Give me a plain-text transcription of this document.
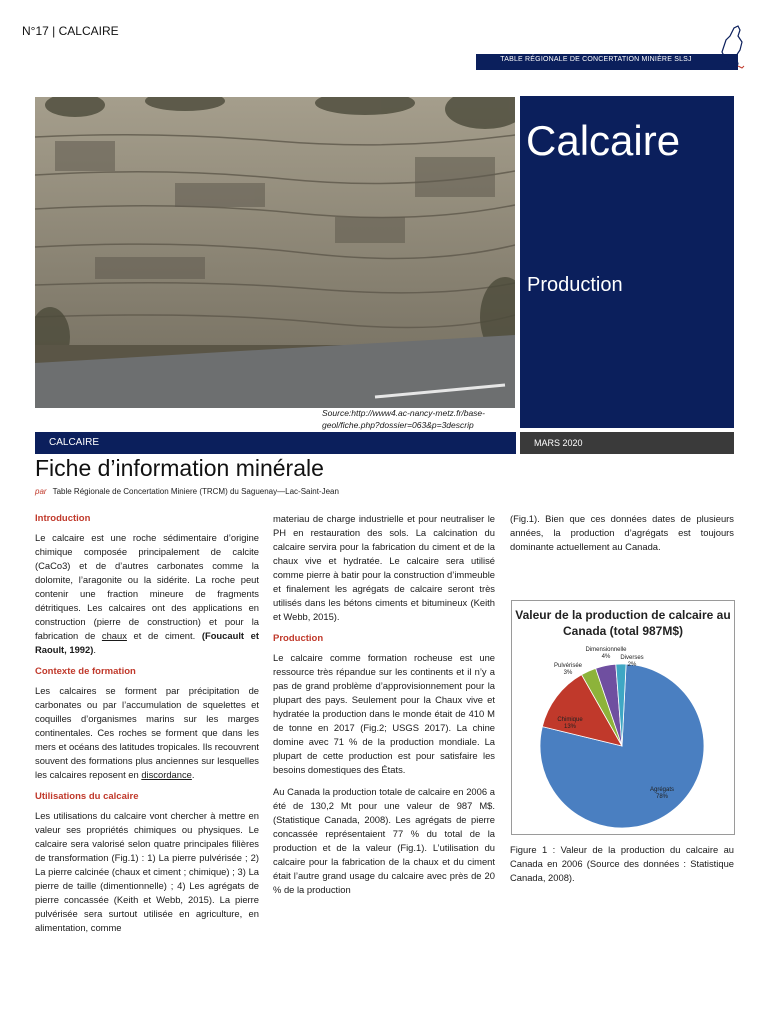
N°17 | CALCAIRE
TABLE RÉGIONALE DE CONCERTATION MINIÈRE SLSJ
Source:http://www4.ac-nancy-metz.fr/base-geol/fiche.php?dossier=063&p=3descrip
Calcaire
Production
CALCAIRE	MARS 2020
Fiche d’information minérale
par Table Régionale de Concertation Miniere (TRCM) du Saguenay—Lac-Saint-Jean
Introduction

Le calcaire est une roche sédimentaire d’origine chimique composée principalement de calcite (CaCo3) et de d’autres carbonates comme la dolomite, l’aragonite ou la sidérite. La roche peut contenir une fraction mineure de fragments détritiques. Les calcaires ont des applications en construction (pierre de construction) et pour la fabrication de chaux et de ciment. (Foucault et Raoult, 1992).

Contexte de formation

Les calcaires se forment par précipitation de carbonates ou par l’accumulation de squelettes et coquilles d’organismes marins sur les marges continentales. Ces roches se forment que dans les mers et océans des latitudes tropicales. Ils recouvrent souvent des formations plus anciennes sur lesquelles les calcaires reposent en discordance.

Utilisations du calcaire

Les utilisations du calcaire vont chercher à mettre en valeur ses propriétés chimiques ou physiques. Le calcaire sera valorisé selon quatre principales filières de transformation (Fig.1) : 1) La pierre pulvérisée ; 2) La pierre calcinée (chaux et ciment ; chimique) ; 3) La pierre de taille (dimentionnelle) ; 4) Les agrégats de pierre concassée (Keith et Webb, 2015). La pierre pulvérisée sera surtout utilisée en agriculture, en alimentation, comme

materiau de charge industrielle et pour neutraliser le PH en restauration des sols. La calcination du calcaire servira pour la fabrication du ciment et de la chaux vive et hydratée. Le calcaire sera utilisé comme pierre à batir pour la construction d’immeuble et finalement les agrégats de calcaire seront très utilisés dans les bétons ciments et bitumineux (Keith et Webb, 2015).

Production

Le calcaire comme formation rocheuse est une ressource très répandue sur les continents et il n’y a pas de grand problème d’approvisionnement pour la plupart des pays. Seulement pour la Chaux vive et hydratée la production dans le monde était de 410 M de tonne en 2017 (Fig.2; USGS 2017). La chine domine avec 71 % de la production mondiale. La plupart de cette production est pour satisfaire les besoins domestiques des États.

Au Canada la production totale de calcaire en 2006 a été de 130,2 Mt pour une valeur de 987 M$. (Statistique Canada, 2008). Les agrégats de pierre concassée représentaient 77 % du total de la production et de la valeur (Fig.1). L’utilisation du calcaire pour la fabrication de la chaux et du ciment était l’autre grand usage du calcaire avec près de 20 % de la production

(Fig.1). Bien que ces données dates de plusieurs années, la production d’agrégats est toujours dominante actuellement au Canada.

Valeur de la production de calcaire au Canada (total 987M$)
Agrégats
78%
Chimique
13%
Pulvérisée
3%
Dimensionnelle
4% Diverses
2%
Figure 1 : Valeur de la production du calcaire au Canada en 2006 (Source des données : Statistique Canada, 2008).
